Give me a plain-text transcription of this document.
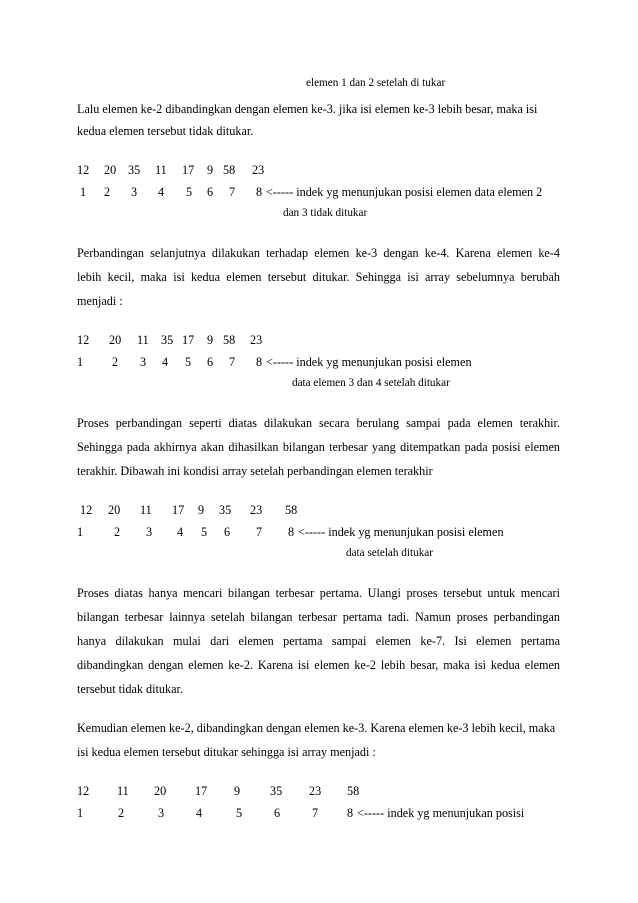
elemen 1 dan 2 setelah di tukar
Lalu elemen ke-2 dibandingkan dengan elemen ke-3. jika isi elemen ke-3 lebih besar, maka isi
kedua elemen tersebut tidak ditukar.
12 20 35 11 17 9 58 23
1 2 3 4 5 6 7 8 <----- indek yg menunjukan posisi elemen data elemen 2
dan 3 tidak ditukar
Perbandingan selanjutnya dilakukan terhadap elemen ke-3 dengan ke-4. Karena elemen ke-4
lebih kecil, maka isi kedua elemen tersebut ditukar. Sehingga isi array sebelumnya berubah
menjadi :
12 20 11 35 17 9 58 23
1 2 3 4 5 6 7 8 <----- indek yg menunjukan posisi elemen
data elemen 3 dan 4 setelah ditukar
Proses perbandingan seperti diatas dilakukan secara berulang sampai pada elemen terakhir.
Sehingga pada akhirnya akan dihasilkan bilangan terbesar yang ditempatkan pada posisi elemen
terakhir. Dibawah ini kondisi array setelah perbandingan elemen terakhir
12 20 11 17 9 35 23 58
1	2 3 4 5 6 7 8 <----- indek yg menunjukan posisi elemen
data setelah ditukar
Proses diatas hanya mencari bilangan terbesar pertama. Ulangi proses tersebut untuk mencari
bilangan terbesar lainnya setelah bilangan terbesar pertama tadi. Namun proses perbandingan
hanya dilakukan mulai dari elemen pertama sampai elemen ke-7. Isi elemen pertama
dibandingkan dengan elemen ke-2. Karena isi elemen ke-2 lebih besar, maka isi kedua elemen
tersebut tidak ditukar.
Kemudian elemen ke-2, dibandingkan dengan elemen ke-3. Karena elemen ke-3 lebih kecil, maka
isi kedua elemen tersebut ditukar sehingga isi array menjadi :
12 11 20 17 9 35 23 58
1	2	3	4	5	6	7 8 <----- indek yg menunjukan posisi
